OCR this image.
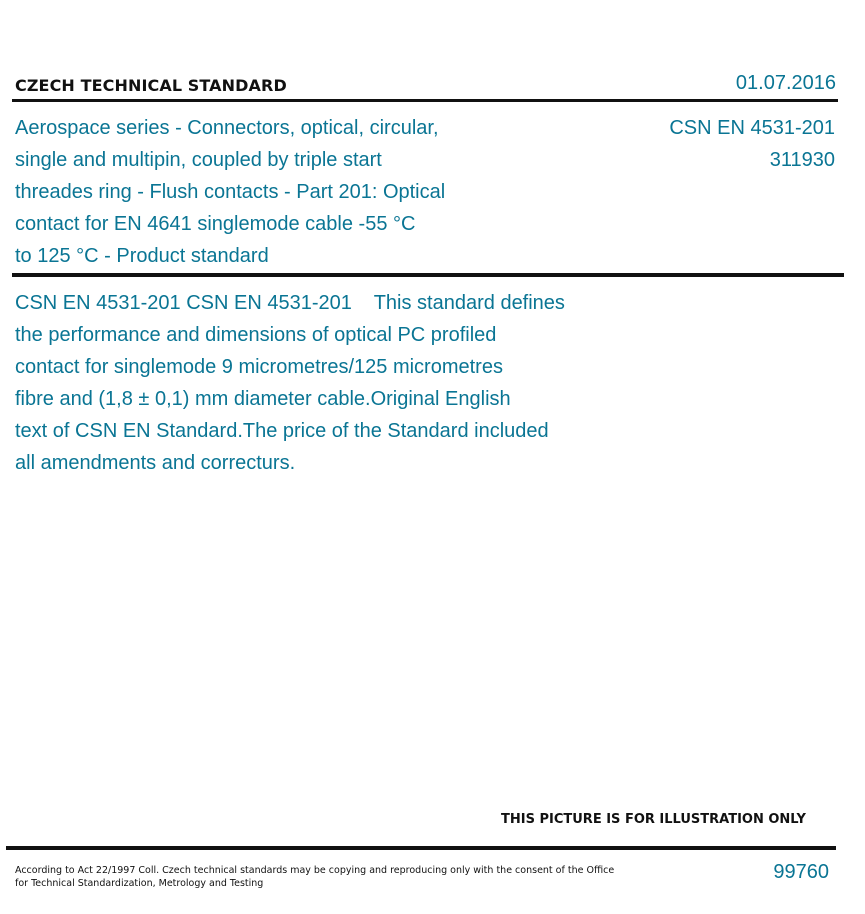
CZECH TECHNICAL STANDARD	01.07.2016
Aerospace series - Connectors, optical, circular,
single and multipin, coupled by triple start
threades ring - Flush contacts - Part 201: Optical
contact for EN 4641 singlemode cable -55 °C
to 125 °C - Product standard
CSN EN 4531-201
311930
CSN EN 4531-201 CSN EN 4531-201    This standard defines
the performance and dimensions of optical PC profiled
contact for singlemode 9 micrometres/125 micrometres
fibre and (1,8 ± 0,1) mm diameter cable.Original English
text of CSN EN Standard.The price of the Standard included
all amendments and correcturs.
THIS PICTURE IS FOR ILLUSTRATION ONLY
According to Act 22/1997 Coll. Czech technical standards may be copying and reproducing only with the consent of the Office
for Technical Standardization, Metrology and Testing
99760
